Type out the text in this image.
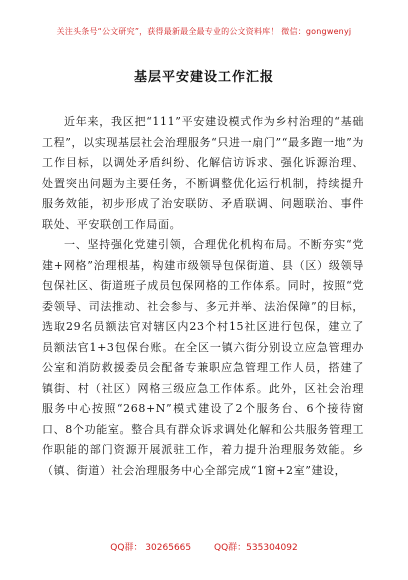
关注头条号“公文研究”，获得最新最全最专业的公文资料库！ 微信：gongwenyj
基层平安建设工作汇报

近年来，我区把“111”平安建设模式作为乡村治理的“基础工程”，以实现基层社会治理服务“只进一扇门”“最多跑一地”为工作目标，以调处矛盾纠纷、化解信访诉求、强化诉源治理、处置突出问题为主要任务，不断调整优化运行机制，持续提升服务效能，初步形成了治安联防、矛盾联调、问题联治、事件联处、平安联创工作局面。

一、坚持强化党建引领，合理优化机构布局。不断夯实“党建+网格”治理根基，构建市级领导包保街道、县（区）级领导包保社区、街道班子成员包保网格的工作体系。同时，按照“党委领导、司法推动、社会参与、多元并举、法治保障”的目标，选取29名员额法官对辖区内23个村15社区进行包保，建立了员额法官1+3包保台账。在全区一镇六街分别设立应急管理办公室和消防救援委员会配备专兼职应急管理工作人员，搭建了镇街、村（社区）网格三级应急工作体系。此外，区社会治理服务中心按照“268+N”模式建设了2个服务台、6个接待窗口、8个功能室。整合具有群众诉求调处化解和公共服务管理工作职能的部门资源开展派驻工作，着力提升治理服务效能。乡（镇、街道）社会治理服务中心全部完成“1窗+2室”建设，

QQ群： 30265665	QQ群：535304092
